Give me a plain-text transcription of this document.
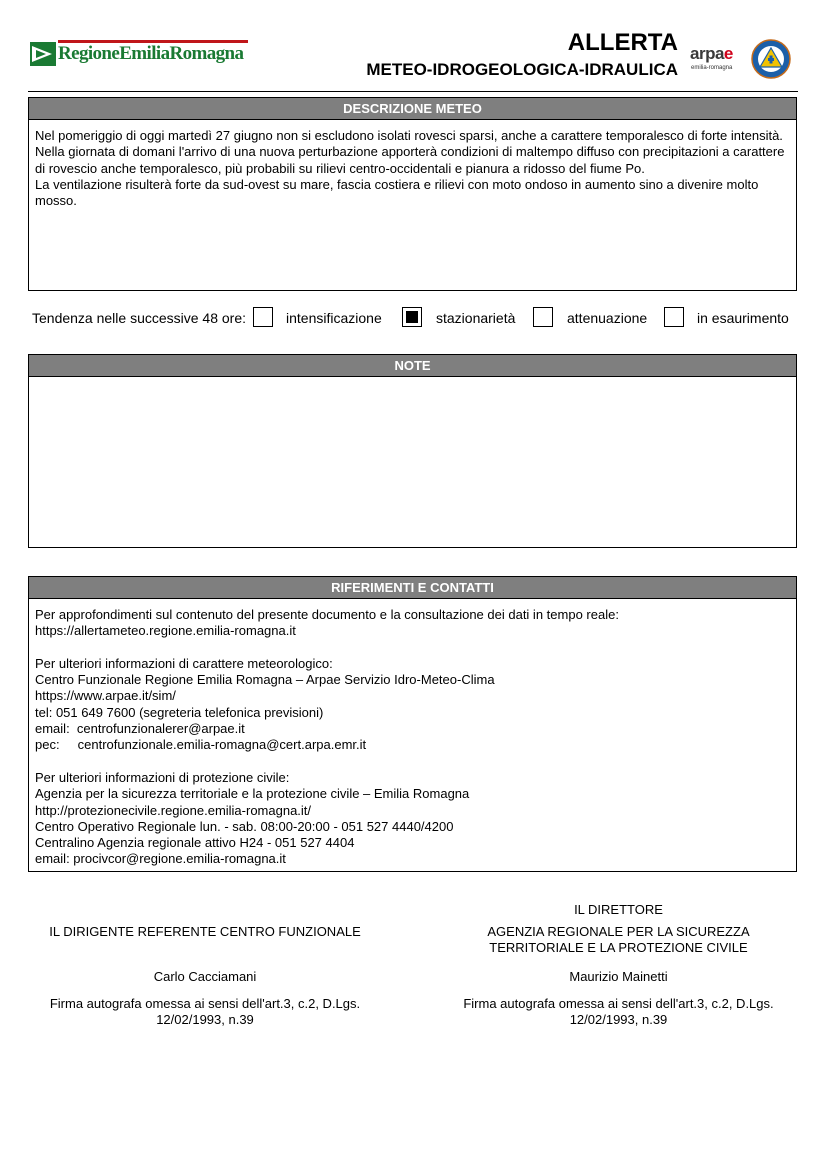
RegioneEmiliaRomagna	ALLERTA
METEO-IDROGEOLOGICA-IDRAULICA
arpae
emilia-romagna
DESCRIZIONE METEO

Nel pomeriggio di oggi martedì 27 giugno non si escludono isolati rovesci sparsi, anche a carattere temporalesco di forte intensità.

Nella giornata di domani l'arrivo di una nuova perturbazione apporterà condizioni di maltempo diffuso con precipitazioni a carattere di rovescio anche temporalesco, più probabili su rilievi centro-occidentali e pianura a ridosso del fiume Po.

La ventilazione risulterà forte da sud-ovest su mare, fascia costiera e rilievi con moto ondoso in aumento sino a divenire molto mosso.

Tendenza nelle successive 48 ore:	intensificazione	stazionarietà	attenuazione	in esaurimento
NOTE
RIFERIMENTI E CONTATTI
Per approfondimenti sul contenuto del presente documento e la consultazione dei dati in tempo reale:
https://allertameteo.regione.emilia-romagna.it
Per ulteriori informazioni di carattere meteorologico:
Centro Funzionale Regione Emilia Romagna – Arpae Servizio Idro-Meteo-Clima
https://www.arpae.it/sim/
tel: 051 649 7600 (segreteria telefonica previsioni)
email:  centrofunzionalerer@arpae.it
pec:     centrofunzionale.emilia-romagna@cert.arpa.emr.it
Per ulteriori informazioni di protezione civile:
Agenzia per la sicurezza territoriale e la protezione civile – Emilia Romagna
http://protezionecivile.regione.emilia-romagna.it/
Centro Operativo Regionale lun. - sab. 08:00-20:00 - 051 527 4440/4200
Centralino Agenzia regionale attivo H24 - 051 527 4404
email: procivcor@regione.emilia-romagna.it
IL DIRIGENTE REFERENTE CENTRO FUNZIONALE
Carlo Cacciamani
Firma autografa omessa ai sensi dell'art.3, c.2, D.Lgs.
12/02/1993, n.39
IL DIRETTORE
AGENZIA REGIONALE PER LA SICUREZZA
TERRITORIALE E LA PROTEZIONE CIVILE
Maurizio Mainetti
Firma autografa omessa ai sensi dell'art.3, c.2, D.Lgs.
12/02/1993, n.39
